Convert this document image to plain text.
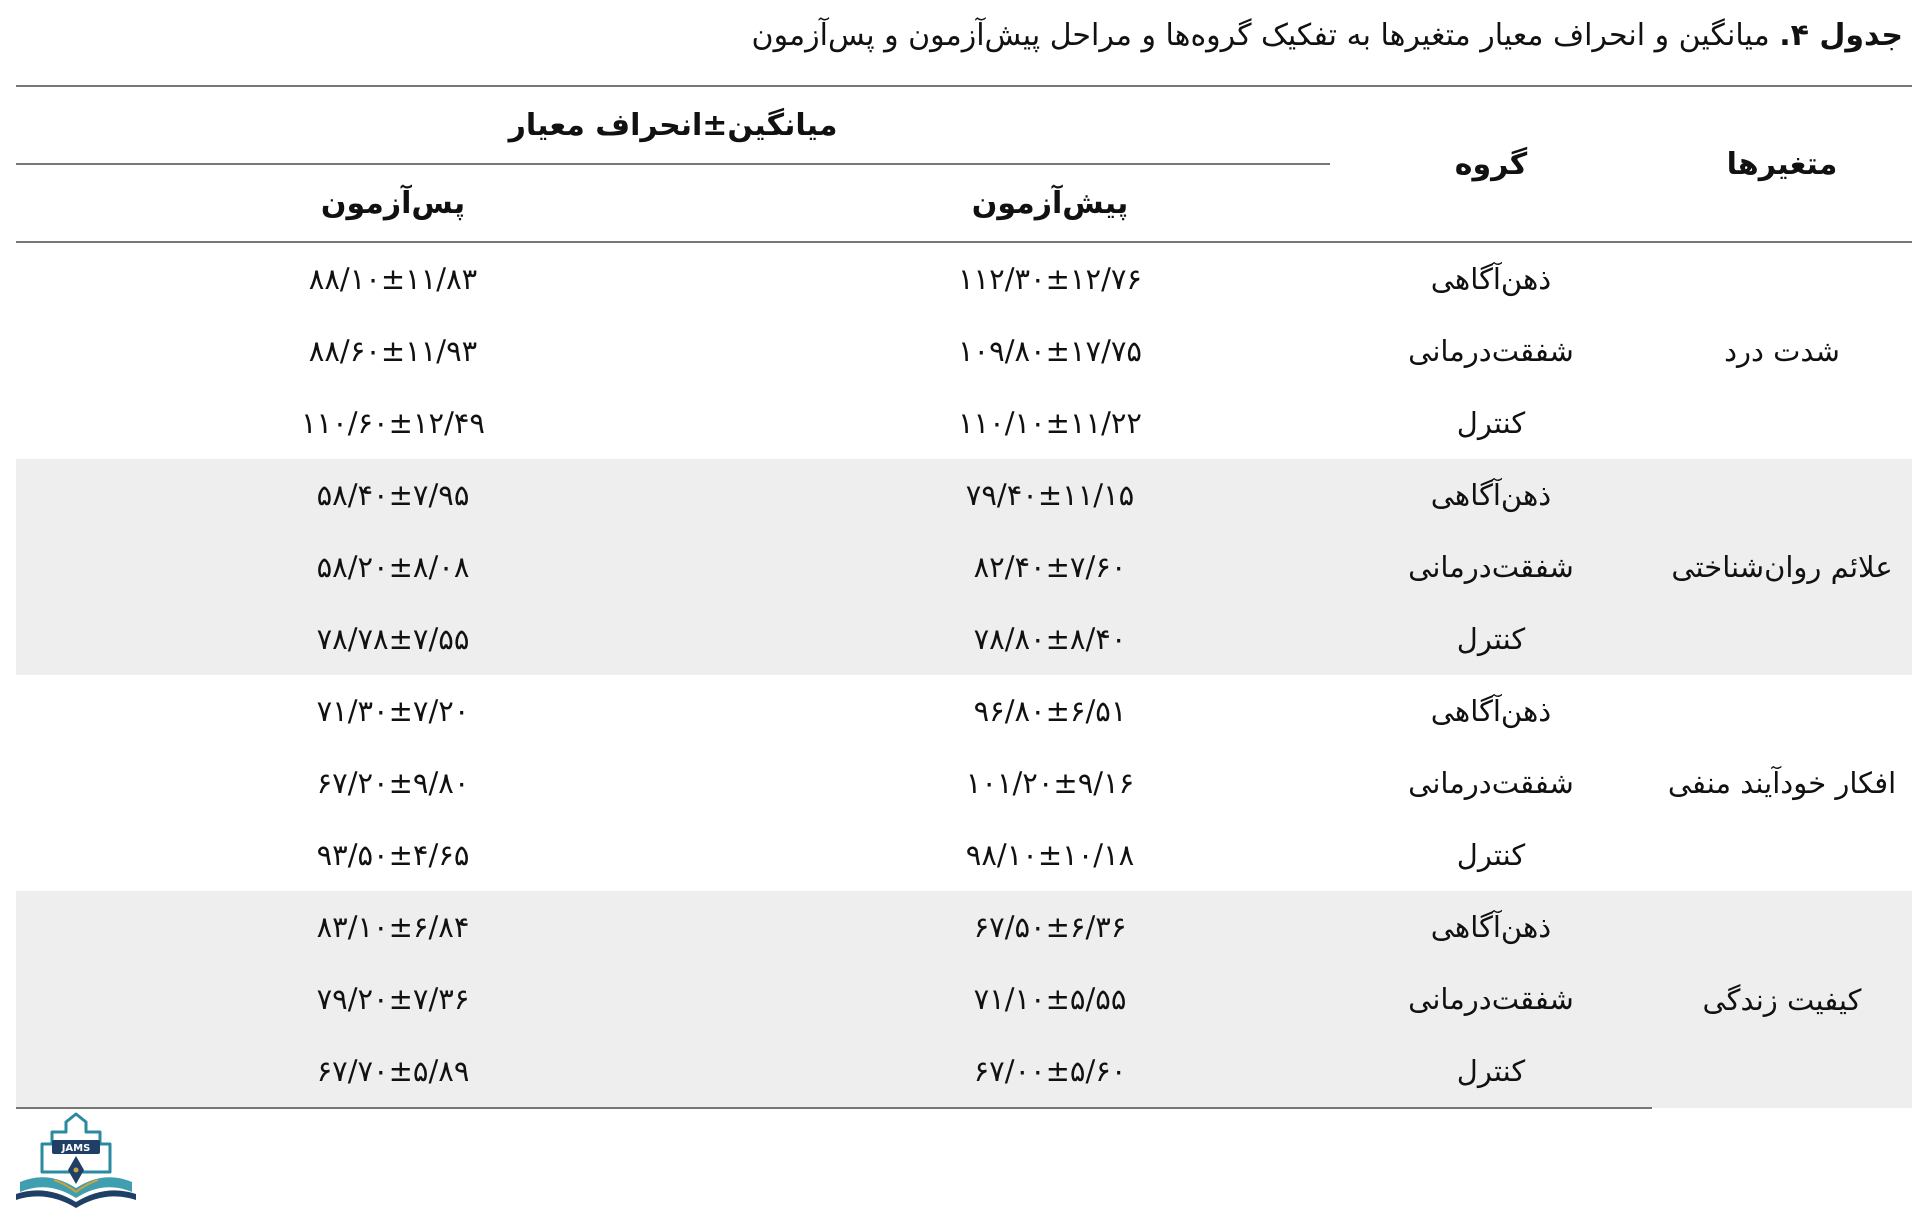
جدول ۴. میانگین و انحراف معیار متغیرها به تفکیک گروه‌ها و مراحل پیش‌آزمون و پس‌آزمون
متغیرها	گروه	میانگین±انحراف معیار	
		پیش‌آزمون	پس‌آزمون
شدت درد	ذهن‌آگاهی	۱۱۲/۳۰±۱۲/۷۶	۸۸/۱۰±۱۱/۸۳
	شفقت‌درمانی	۱۰۹/۸۰±۱۷/۷۵	۸۸/۶۰±۱۱/۹۳
	کنترل	۱۱۰/۱۰±۱۱/۲۲	۱۱۰/۶۰±۱۲/۴۹
علائم روان‌شناختی	ذهن‌آگاهی	۷۹/۴۰±۱۱/۱۵	۵۸/۴۰±۷/۹۵
	شفقت‌درمانی	۸۲/۴۰±۷/۶۰	۵۸/۲۰±۸/۰۸
	کنترل	۷۸/۸۰±۸/۴۰	۷۸/۷۸±۷/۵۵
افکار خودآیند منفی	ذهن‌آگاهی	۹۶/۸۰±۶/۵۱	۷۱/۳۰±۷/۲۰
	شفقت‌درمانی	۱۰۱/۲۰±۹/۱۶	۶۷/۲۰±۹/۸۰
	کنترل	۹۸/۱۰±۱۰/۱۸	۹۳/۵۰±۴/۶۵
کیفیت زندگی	ذهن‌آگاهی	۶۷/۵۰±۶/۳۶	۸۳/۱۰±۶/۸۴
	شفقت‌درمانی	۷۱/۱۰±۵/۵۵	۷۹/۲۰±۷/۳۶
	کنترل	۶۷/۰۰±۵/۶۰	۶۷/۷۰±۵/۸۹
JAMS
